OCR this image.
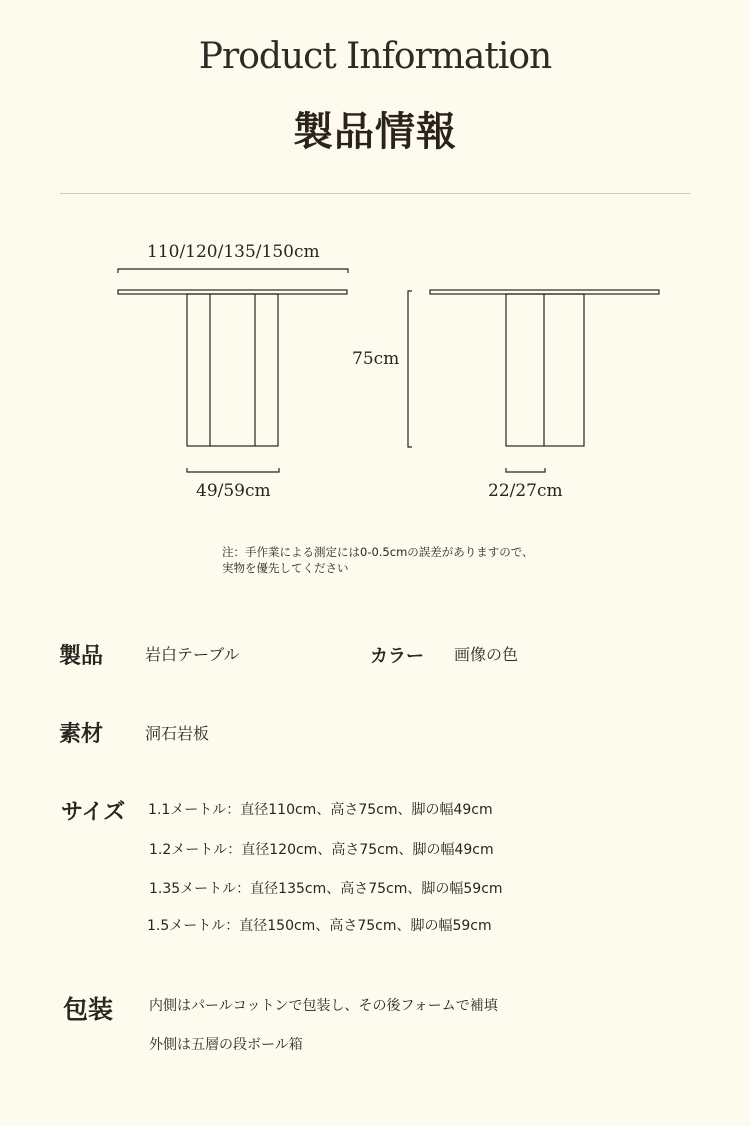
Product Information
製品情報
110/120/135/150cm
75cm
49/59cm	22/27cm
注：手作業による測定には0-0.5cmの誤差がありますので、
実物を優先してください
製品	岩白テーブル	カラー 画像の色
素材	洞石岩板
サイズ 1.1メートル：直径110cm、高さ75cm、脚の幅49cm
1.2メートル：直径120cm、高さ75cm、脚の幅49cm
1.35メートル：直径135cm、高さ75cm、脚の幅59cm
1.5メートル：直径150cm、高さ75cm、脚の幅59cm
包装	内側はパールコットンで包装し、その後フォームで補填
外側は五層の段ボール箱
